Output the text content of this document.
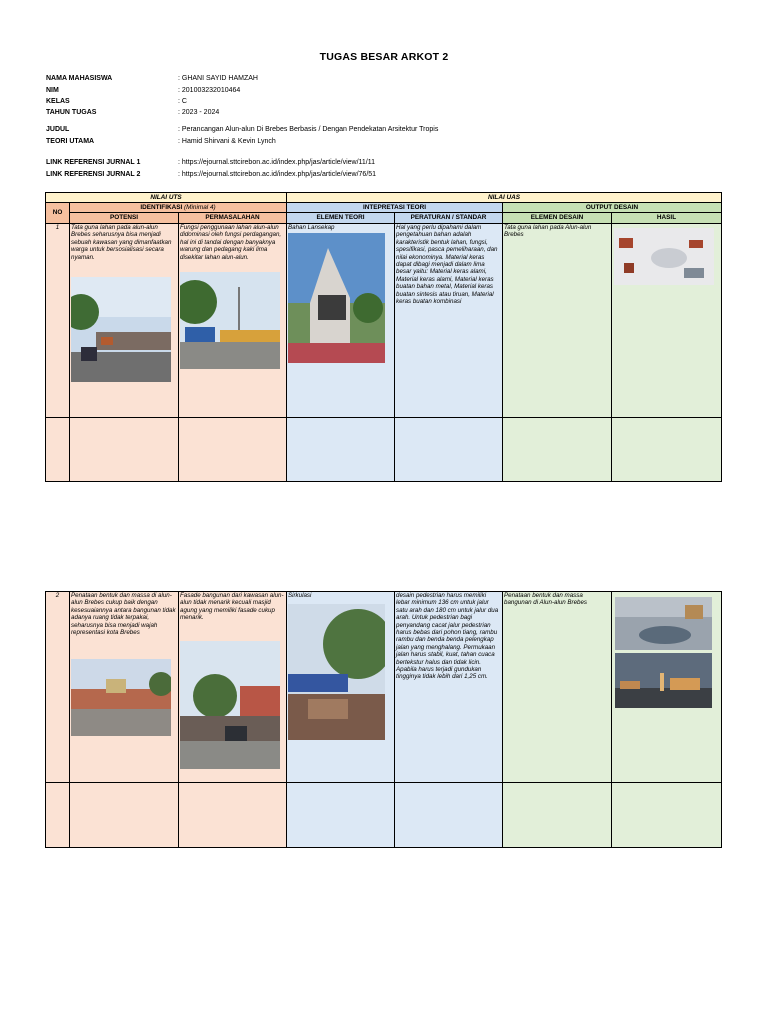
TUGAS BESAR ARKOT 2
NAMA MAHASISWA	: GHANI SAYID HAMZAH
NIM	: 201003232010464
KELAS	: C
TAHUN TUGAS	: 2023 - 2024
JUDUL	: Perancangan Alun-alun Di Brebes Berbasis / Dengan Pendekatan Arsitektur Tropis
TEORI UTAMA	: Hamid Shirvani & Kevin Lynch
LINK REFERENSI JURNAL 1	: https://ejournal.sttcirebon.ac.id/index.php/jas/article/view/11/11
LINK REFERENSI JURNAL 2	: https://ejournal.sttcirebon.ac.id/index.php/jas/article/view/76/51
NILAI UTS			NILAI UAS			
NO	IDENTIFIKASI (Minimal 4)		INTEPRETASI TEORI		OUTPUT DESAIN	
	POTENSI	PERMASALAHAN	ELEMEN TEORI	PERATURAN / STANDAR	ELEMEN DESAIN	HASIL
1	Tata guna lahan pada alun-alun Brebes seharusnya bisa menjadi sebuah kawasan yang dimanfaatkan warga untuk bersosialisasi secara nyaman.	Fungsi penggunaan lahan alun-alun didominasi oleh fungsi perdagangan, hal ini di tandai dengan banyaknya warung dan pedagang kaki lima disekitar lahan alun-alun.	Bahan Lansekap	Hal yang perlu dipahami dalam pengetahuan bahan adalah karakteristik bentuk lahan, fungsi, spesifikasi, pasca pemeliharaan, dan nilai ekonominya. Material keras dapat dibagi menjadi dalam lima besar yaitu: Material keras alami, Material keras alami, Material keras buatan bahan metal, Material keras buatan sintesis atau tiruan, Material keras buatan kombinasi	Tata guna lahan pada Alun-alun Brebes	

2	Penataan bentuk dan massa di alun-alun Brebes cukup baik dengan kesesuaiannya antara bangunan tidak adanya ruang tidak terpakai, seharusnya bisa menjadi wajah representasi kota Brebes	Fasade bangunan dari kawasan alun-alun tidak menarik kecuali masjid agung yang memiliki fasade cukup menarik.	Sirkulasi	desain pedestrian harus memiliki lebar minimum 136 cm untuk jalur satu arah dan 180 cm untuk jalur dua arah. Untuk pedestrian bagi penyandang cacat jalur pedestrian harus bebas dari pohon tiang, rambu rambu dan benda benda pelengkap jalan yang menghalang. Permukaan jalan harus stabil, kuat, tahan cuaca bertekstur halus dan tidak licin. Apabila harus terjadi gundukan tingginya tidak lebih dari 1,25 cm.	Penataan bentuk dan massa bangunan di Alun-alun Brebes	
